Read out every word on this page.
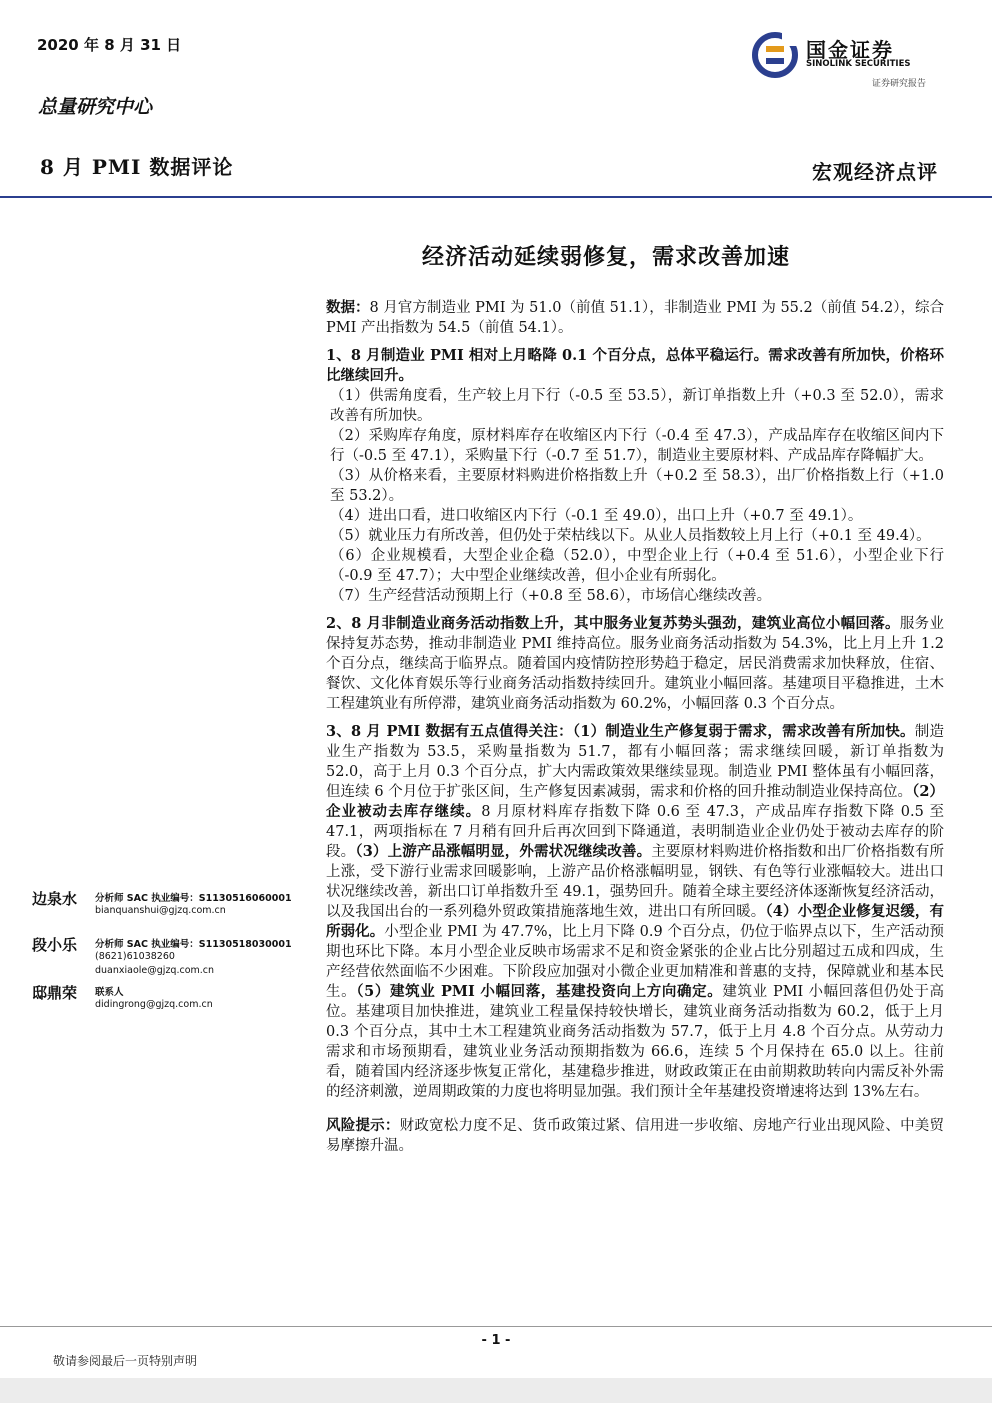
2020 年 8 月 31 日
总量研究中心
8 月 PMI 数据评论	宏观经济点评
国金证券
SINOLINK SECURITIES
证券研究报告
经济活动延续弱修复，需求改善加速

数据：8 月官方制造业 PMI 为 51.0（前值 51.1），非制造业 PMI 为 55.2（前值 54.2），综合 PMI 产出指数为 54.5（前值 54.1）。

1、8 月制造业 PMI 相对上月略降 0.1 个百分点，总体平稳运行。需求改善有所加快，价格环比继续回升。

（1）供需角度看，生产较上月下行（-0.5 至 53.5），新订单指数上升（+0.3 至 52.0），需求改善有所加快。

（2）采购库存角度，原材料库存在收缩区内下行（-0.4 至 47.3），产成品库存在收缩区间内下行（-0.5 至 47.1），采购量下行（-0.7 至 51.7），制造业主要原材料、产成品库存降幅扩大。

（3）从价格来看，主要原材料购进价格指数上升（+0.2 至 58.3），出厂价格指数上行（+1.0 至 53.2）。

（4）进出口看，进口收缩区内下行（-0.1 至 49.0），出口上升（+0.7 至 49.1）。

（5）就业压力有所改善，但仍处于荣枯线以下。从业人员指数较上月上行（+0.1 至 49.4）。

（6）企业规模看，大型企业企稳（52.0），中型企业上行（+0.4 至 51.6），小型企业下行（-0.9 至 47.7）；大中型企业继续改善，但小企业有所弱化。

（7）生产经营活动预期上行（+0.8 至 58.6），市场信心继续改善。

2、8 月非制造业商务活动指数上升，其中服务业复苏势头强劲，建筑业高位小幅回落。服务业保持复苏态势，推动非制造业 PMI 维持高位。服务业商务活动指数为 54.3%，比上月上升 1.2 个百分点，继续高于临界点。随着国内疫情防控形势趋于稳定，居民消费需求加快释放，住宿、餐饮、文化体育娱乐等行业商务活动指数持续回升。建筑业小幅回落。基建项目平稳推进，土木工程建筑业有所停滞，建筑业商务活动指数为 60.2%，小幅回落 0.3 个百分点。

3、8 月 PMI 数据有五点值得关注：（1）制造业生产修复弱于需求，需求改善有所加快。制造业生产指数为 53.5，采购量指数为 51.7，都有小幅回落；需求继续回暖，新订单指数为 52.0，高于上月 0.3 个百分点，扩大内需政策效果继续显现。制造业 PMI 整体虽有小幅回落，但连续 6 个月位于扩张区间，生产修复因素减弱，需求和价格的回升推动制造业保持高位。（2）企业被动去库存继续。8 月原材料库存指数下降 0.6 至 47.3，产成品库存指数下降 0.5 至 47.1，两项指标在 7 月稍有回升后再次回到下降通道，表明制造业企业仍处于被动去库存的阶段。（3）上游产品涨幅明显，外需状况继续改善。主要原材料购进价格指数和出厂价格指数有所上涨，受下游行业需求回暖影响，上游产品价格涨幅明显，钢铁、有色等行业涨幅较大。进出口状况继续改善，新出口订单指数升至 49.1，强势回升。随着全球主要经济体逐渐恢复经济活动，以及我国出台的一系列稳外贸政策措施落地生效，进出口有所回暖。（4）小型企业修复迟缓，有所弱化。小型企业 PMI 为 47.7%，比上月下降 0.9 个百分点，仍位于临界点以下，生产活动预期也环比下降。本月小型企业反映市场需求不足和资金紧张的企业占比分别超过五成和四成，生产经营依然面临不少困难。下阶段应加强对小微企业更加精准和普惠的支持，保障就业和基本民生。（5）建筑业 PMI 小幅回落，基建投资向上方向确定。建筑业 PMI 小幅回落但仍处于高位。基建项目加快推进，建筑业工程量保持较快增长，建筑业商务活动指数为 60.2，低于上月 0.3 个百分点，其中土木工程建筑业商务活动指数为 57.7，低于上月 4.8 个百分点。从劳动力需求和市场预期看，建筑业业务活动预期指数为 66.6，连续 5 个月保持在 65.0 以上。往前看，随着国内经济逐步恢复正常化，基建稳步推进，财政政策正在由前期救助转向内需反补外需的经济刺激，逆周期政策的力度也将明显加强。我们预计全年基建投资增速将达到 13%左右。

风险提示：财政宽松力度不足、货币政策过紧、信用进一步收缩、房地产行业出现风险、中美贸易摩擦升温。

边泉水 分析师 SAC 执业编号：S1130516060001
bianquanshui@gjzq.com.cn
段小乐 分析师 SAC 执业编号：S1130518030001
(8621)61038260
duanxiaole@gjzq.com.cn
邸鼎荣 联系人
didingrong@gjzq.com.cn
- 1 -
敬请参阅最后一页特别声明
